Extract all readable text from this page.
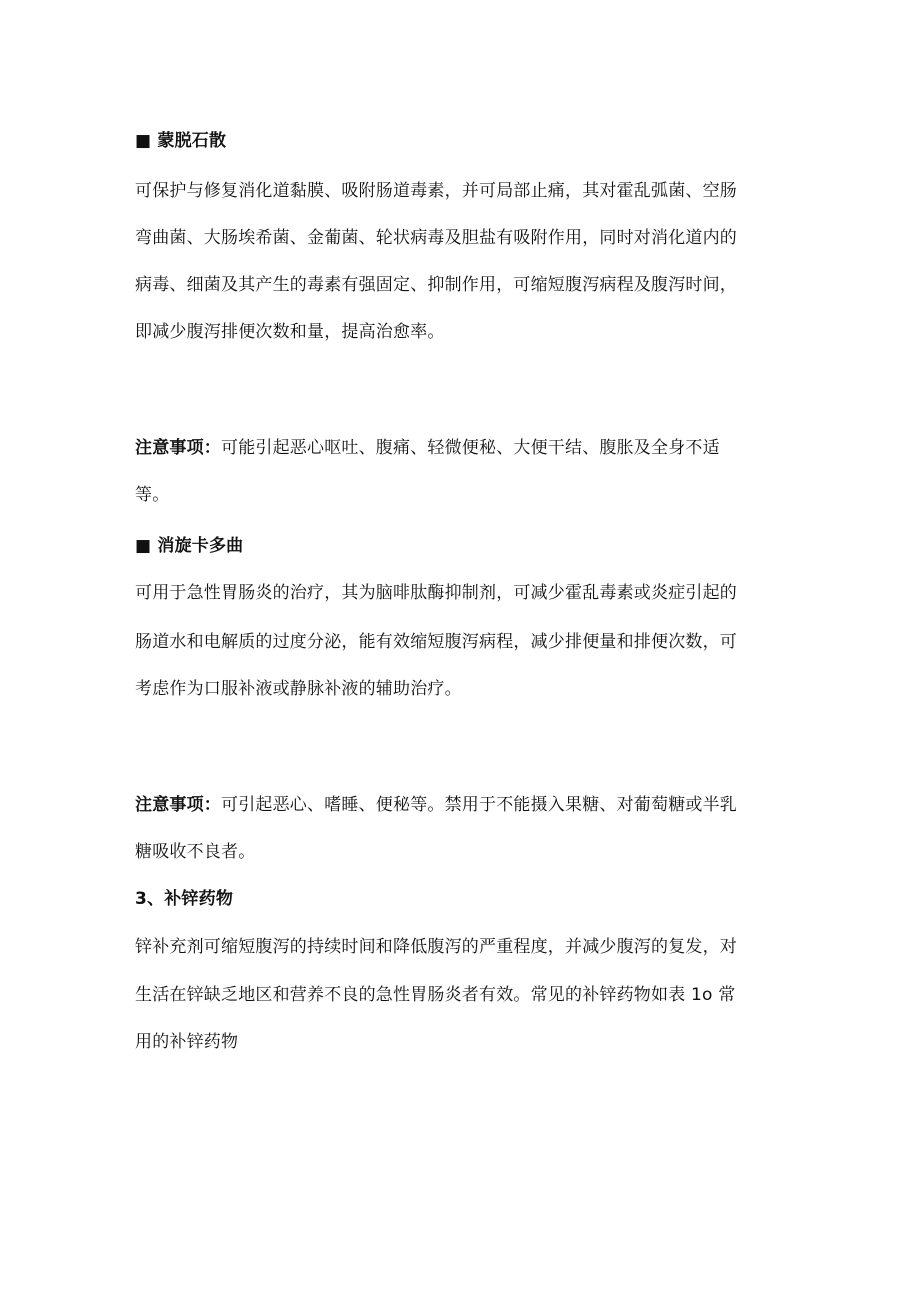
■ 蒙脱石散
可保护与修复消化道黏膜、吸附肠道毒素，并可局部止痛，其对霍乱弧菌、空肠
弯曲菌、大肠埃希菌、金葡菌、轮状病毒及胆盐有吸附作用，同时对消化道内的
病毒、细菌及其产生的毒素有强固定、抑制作用，可缩短腹泻病程及腹泻时间，
即减少腹泻排便次数和量，提高治愈率。
注意事项：可能引起恶心呕吐、腹痛、轻微便秘、大便干结、腹胀及全身不适
等。
■ 消旋卡多曲
可用于急性胃肠炎的治疗，其为脑啡肽酶抑制剂，可减少霍乱毒素或炎症引起的
肠道水和电解质的过度分泌，能有效缩短腹泻病程，减少排便量和排便次数，可
考虑作为口服补液或静脉补液的辅助治疗。
注意事项：可引起恶心、嗜睡、便秘等。禁用于不能摄入果糖、对葡萄糖或半乳
糖吸收不良者。
3、补锌药物
锌补充剂可缩短腹泻的持续时间和降低腹泻的严重程度，并减少腹泻的复发，对
生活在锌缺乏地区和营养不良的急性胃肠炎者有效。常见的补锌药物如表 1o 常
用的补锌药物
